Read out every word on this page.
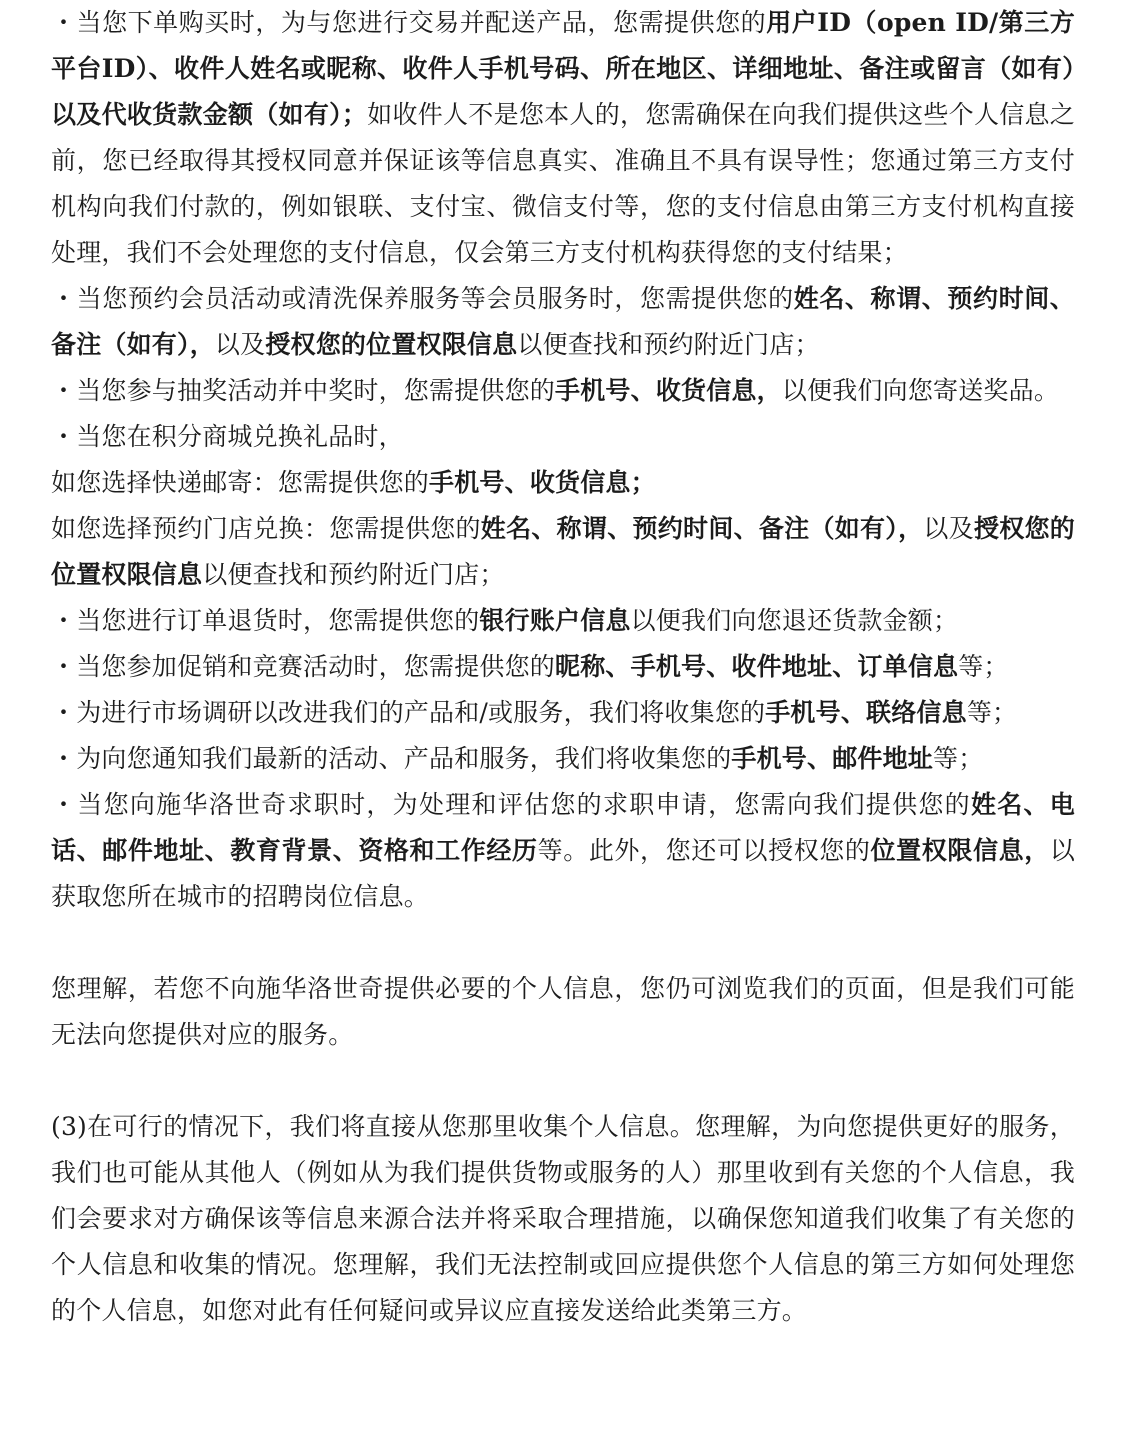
・当您下单购买时，为与您进行交易并配送产品，您需提供您的用户ID（open ID/第三方平台ID）、收件人姓名或昵称、收件人手机号码、所在地区、详细地址、备注或留言（如有）以及代收货款金额（如有）；如收件人不是您本人的，您需确保在向我们提供这些个人信息之前，您已经取得其授权同意并保证该等信息真实、准确且不具有误导性；您通过第三方支付机构向我们付款的，例如银联、支付宝、微信支付等，您的支付信息由第三方支付机构直接处理，我们不会处理您的支付信息，仅会第三方支付机构获得您的支付结果；

・当您预约会员活动或清洗保养服务等会员服务时，您需提供您的姓名、称谓、预约时间、备注（如有），以及授权您的位置权限信息以便查找和预约附近门店；

・当您参与抽奖活动并中奖时，您需提供您的手机号、收货信息，以便我们向您寄送奖品。

・当您在积分商城兑换礼品时，

如您选择快递邮寄：您需提供您的手机号、收货信息；

如您选择预约门店兑换：您需提供您的姓名、称谓、预约时间、备注（如有），以及授权您的位置权限信息以便查找和预约附近门店；

・当您进行订单退货时，您需提供您的银行账户信息以便我们向您退还货款金额；

・当您参加促销和竞赛活动时，您需提供您的昵称、手机号、收件地址、订单信息等；

・为进行市场调研以改进我们的产品和/或服务，我们将收集您的手机号、联络信息等；

・为向您通知我们最新的活动、产品和服务，我们将收集您的手机号、邮件地址等；

・当您向施华洛世奇求职时，为处理和评估您的求职申请，您需向我们提供您的姓名、电话、邮件地址、教育背景、资格和工作经历等。此外，您还可以授权您的位置权限信息，以获取您所在城市的招聘岗位信息。

您理解，若您不向施华洛世奇提供必要的个人信息，您仍可浏览我们的页面，但是我们可能无法向您提供对应的服务。

(3)在可行的情况下，我们将直接从您那里收集个人信息。您理解，为向您提供更好的服务，我们也可能从其他人（例如从为我们提供货物或服务的人）那里收到有关您的个人信息，我们会要求对方确保该等信息来源合法并将采取合理措施，以确保您知道我们收集了有关您的个人信息和收集的情况。您理解，我们无法控制或回应提供您个人信息的第三方如何处理您的个人信息，如您对此有任何疑问或异议应直接发送给此类第三方。
